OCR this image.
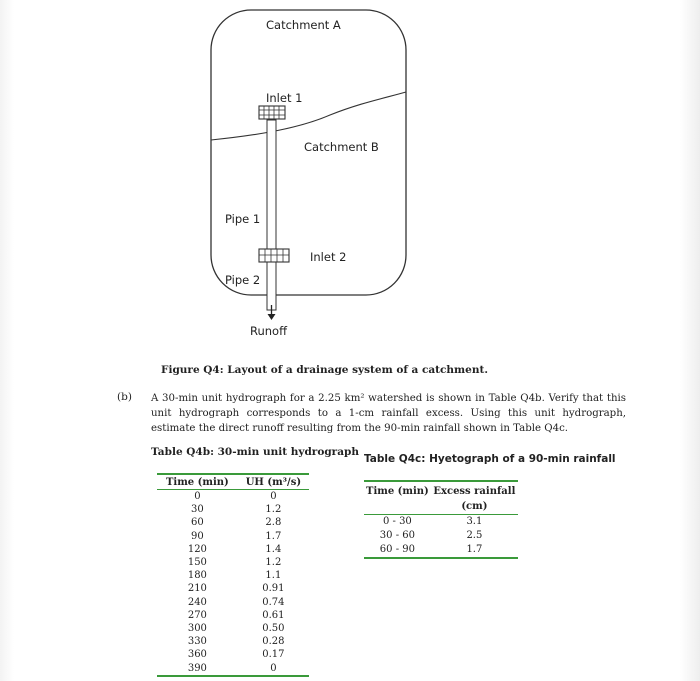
Catchment A
Inlet 1
Catchment B
Pipe 1
Inlet 2
Pipe 2
Runoff
Figure Q4: Layout of a drainage system of a catchment.
(b) A 30-min unit hydrograph for a 2.25 km² watershed is shown in Table Q4b. Verify that this unit hydrograph corresponds to a 1-cm rainfall excess. Using this unit hydrograph, estimate the direct runoff resulting from the 90-min rainfall shown in Table Q4c.
Table Q4b: 30-min unit hydrograph
Table Q4c: Hyetograph of a 90-min rainfall
Time (min)	UH (m³/s)
0	0
30	1.2
60	2.8
90	1.7
120	1.4
150	1.2
180	1.1
210	0.91
240	0.74
270	0.61
300	0.50
330	0.28
360	0.17
390	0
Time (min)	Excess rainfall
(cm)
0 - 30	3.1
30 - 60	2.5
60 - 90	1.7
